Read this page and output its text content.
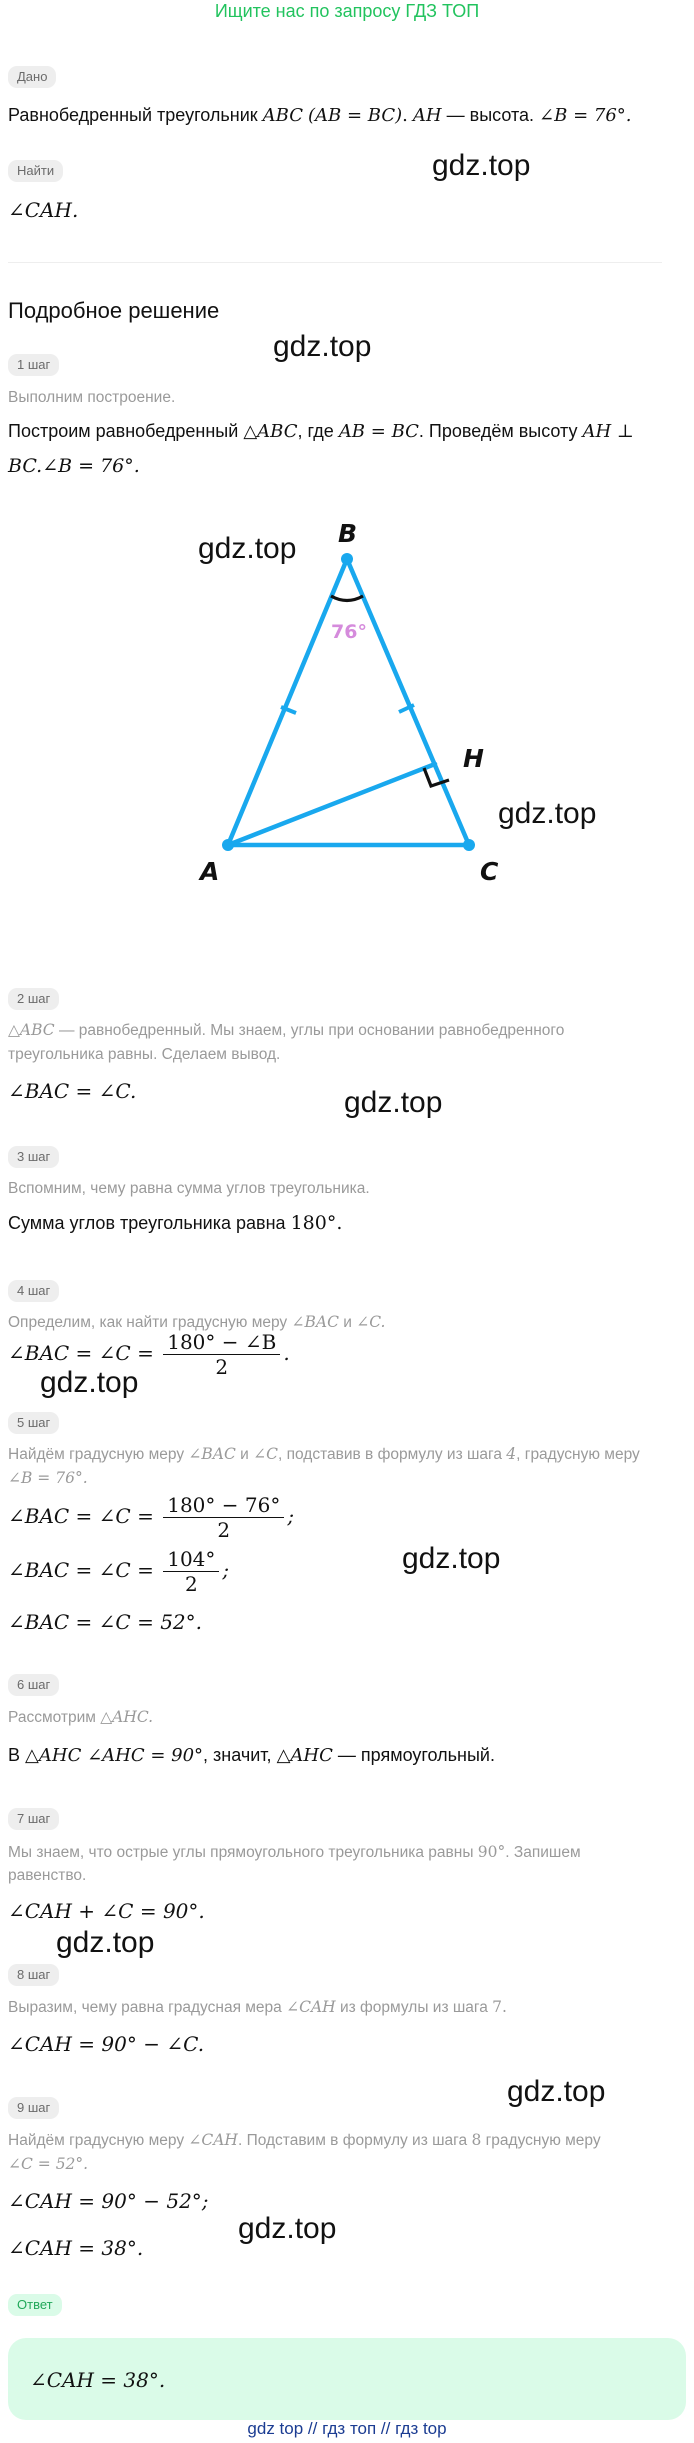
Ищите нас по запросу ГДЗ ТОП
Дано
Равнобедренный треугольник ABC (AB = BC). AH — высота. ∠B = 76°.
Найти	gdz.top
∠CAH.
Подробное решение
gdz.top
1 шаг
Выполним построение.
Построим равнобедренный △ABC, где AB = BC. Проведём высоту AH ⊥
BC.∠B = 76°.
gdz.top B
A	C
H
76°
gdz.top
2 шаг
△ABC — равнобедренный. Мы знаем, углы при основании равнобедренного
треугольника равны. Сделаем вывод.
∠BAC = ∠C.	gdz.top
3 шаг
Вспомним, чему равна сумма углов треугольника.
Сумма углов треугольника равна 180°.
4 шаг
Определим, как найти градусную меру ∠BAC и ∠C.
∠BAC = ∠C = $\frac{180^\circ - \angle B}{2}$ .
gdz.top
5 шаг
Найдём градусную меру ∠BAC и ∠C, подставив в формулу из шага 4, градусную меру
∠B = 76°.
∠BAC = ∠C = $\frac{180^\circ - 76^\circ}{2}$ ;
∠BAC = ∠C = $\frac{104^\circ}{2}$ ;	gdz.top
∠BAC = ∠C = 52°.
6 шаг
Рассмотрим △AHC.
В △AHC ∠AHC = 90°, значит, △AHC — прямоугольный.
7 шаг
Мы знаем, что острые углы прямоугольного треугольника равны 90°. Запишем
равенство.
∠CAH + ∠C = 90°.
gdz.top
8 шаг
Выразим, чему равна градусная мера ∠CAH из формулы из шага 7.
∠CAH = 90° − ∠C.
gdz.top
9 шаг
Найдём градусную меру ∠CAH. Подставим в формулу из шага 8 градусную меру
∠C = 52°.
∠CAH = 90° − 52°;
gdz.top
∠CAH = 38°.
Ответ
∠CAH = 38°.
gdz top // гдз топ // гдз top
